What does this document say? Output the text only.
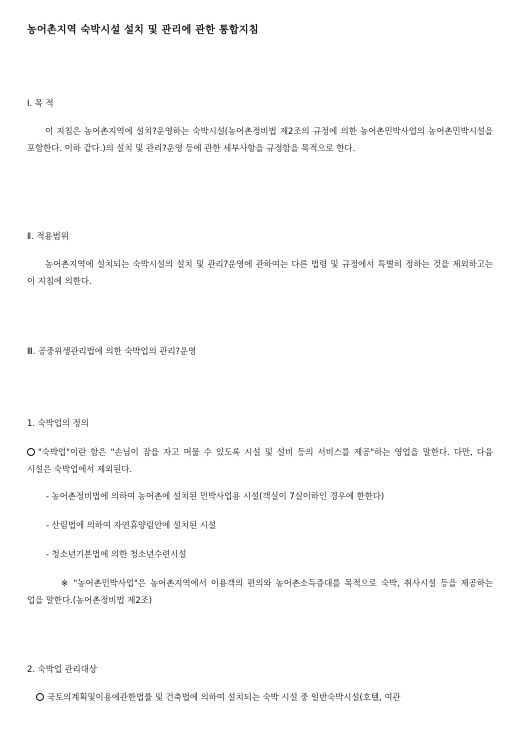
농어촌지역 숙박시설 설치 및 관리에 관한 통합지침
Ⅰ. 목 적
이 지침은 농어촌지역에 설치?운영하는 숙박시설(농어촌정비법 제2조의 규정에 의한 농어촌민박사업의 농어촌민박시설을 포함한다. 이하 같다.)의 설치 및 관리?운영 등에 관한 세부사항을 규정함을 목적으로 한다.
Ⅱ. 적용범위
농어촌지역에 설치되는 숙박시설의 설치 및 관리?운영에 관하여는 다른 법령 및 규정에서 특별히 정하는 것을 제외하고는 이 지침에 의한다.
Ⅲ. 공중위생관리법에 의한 숙박업의 관리?운영
1. 숙박업의 정의
"숙박업"이란 함은 "손님이 잠을 자고 머물 수 있도록 시설 및 설비 등의 서비스를 제공"하는 영업을 말한다. 다만, 다음 시설은 숙박업에서 제외된다.
- 농어촌정비법에 의하여 농어촌에 설치된 민박사업용 시설(객실이 7실이하인 경우에 한한다)
- 산림법에 의하여 자연휴양림안에 설치된 시설
- 청소년기본법에 의한 청소년수련시설
※ "농어촌민박사업"은 농어촌지역에서 이용객의 편의와 농어촌소득증대를 목적으로 숙박, 취사시설 등을 제공하는 업을 말한다.(농어촌정비법 제2조)
2. 숙박업 관리대상
국토의계획및이용에관한법률 및 건축법에 의하여 설치되는 숙박 시설 중 일반숙박시설(호텔, 여관
